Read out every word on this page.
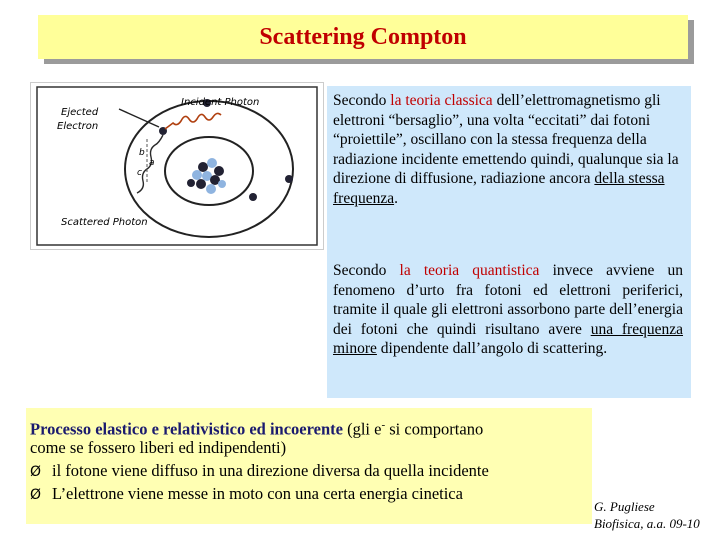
Scattering Compton
Ejected
Electron
Incident Photon
Scattered Photon
b
a
c

Secondo la teoria classica dell’elettromagnetismo gli elettroni “bersaglio”, una volta “eccitati” dai fotoni “proiettile”, oscillano con la stessa frequenza della radiazione incidente emettendo quindi, qualunque sia la direzione di diffusione, radiazione ancora della stessa frequenza.

Secondo la teoria quantistica invece avviene un fenomeno d’urto fra fotoni ed elettroni periferici, tramite il quale gli elettroni assorbono parte dell’energia dei fotoni che quindi risultano avere una frequenza minore dipendente dall’angolo di scattering.

Processo elastico e relativistico ed incoerente (gli e- si comportano
come se fossero liberi ed indipendenti)
Ø il fotone viene diffuso in una direzione diversa da quella incidente
Ø L’elettrone viene messe in moto con una certa energia cinetica
G. Pugliese
Biofisica, a.a. 09-10
